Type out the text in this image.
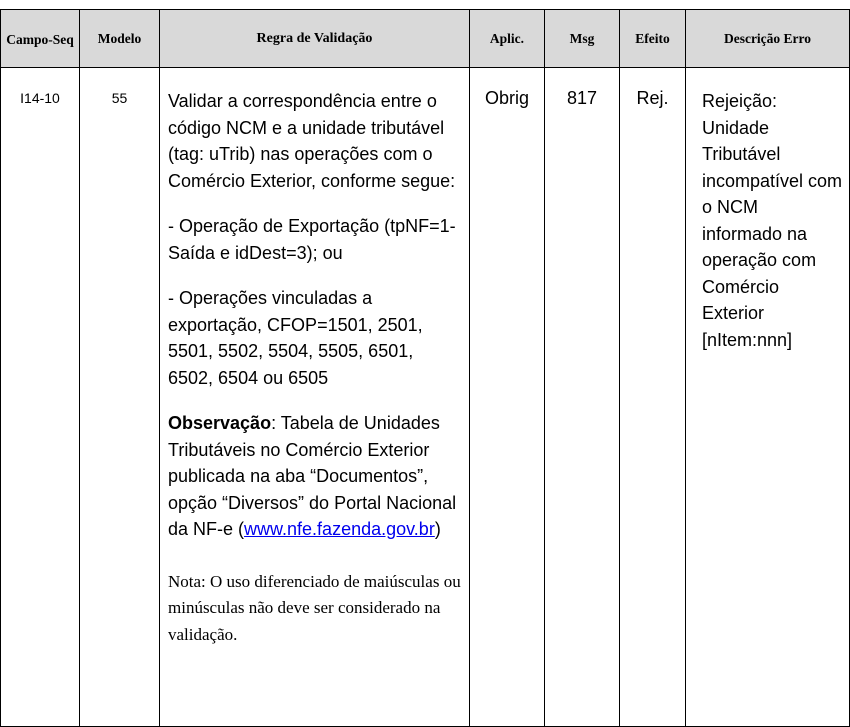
Campo-Seq	Modelo	Regra de Validação	Aplic.	Msg	Efeito	Descrição Erro
I14-10	55	Validar a correspondência entre o código NCM e a unidade tributável (tag: uTrib) nas operações com o Comércio Exterior, conforme segue:

- Operação de Exportação (tpNF=1-Saída e idDest=3); ou

- Operações vinculadas a exportação, CFOP=1501, 2501, 5501, 5502, 5504, 5505, 6501, 6502, 6504 ou 6505

Observação: Tabela de Unidades Tributáveis no Comércio Exterior publicada na aba “Documentos”, opção “Diversos” do Portal Nacional da NF-e (www.nfe.fazenda.gov.br)

Nota: O uso diferenciado de maiúsculas ou minúsculas não deve ser considerado na validação.	Obrig	817	Rej.	Rejeição: Unidade Tributável incompatível com o NCM informado na operação com Comércio Exterior [nItem:nnn]
